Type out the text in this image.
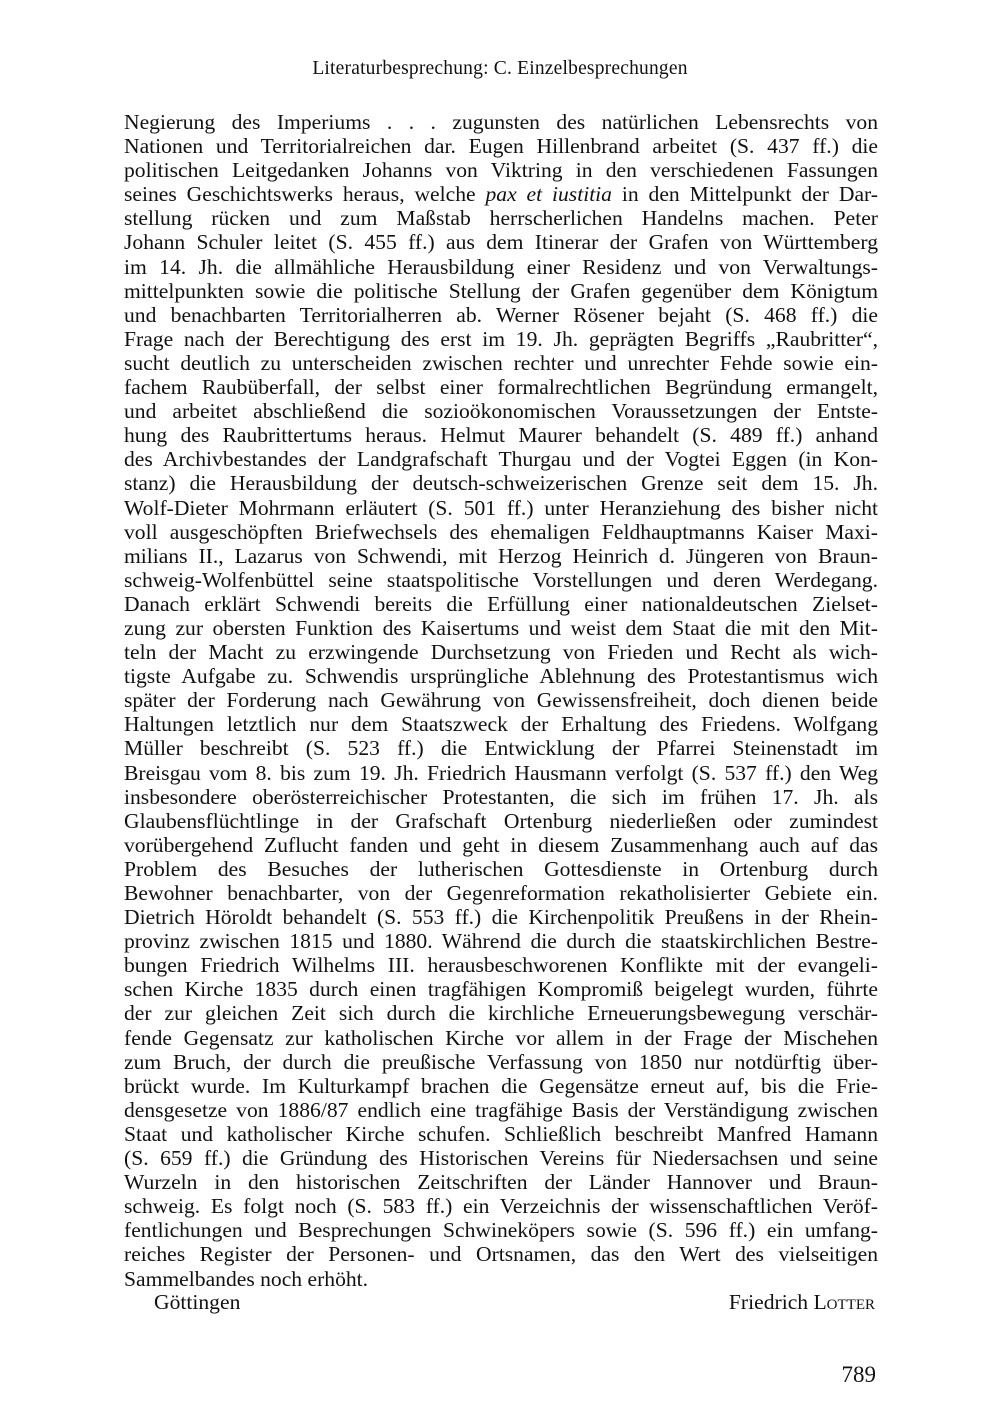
Literaturbesprechung: C. Einzelbesprechungen
Negierung des Imperiums . . . zugunsten des natürlichen Lebensrechts von
Nationen und Territorialreichen dar. Eugen Hillenbrand arbeitet (S. 437 ff.) die
politischen Leitgedanken Johanns von Viktring in den verschiedenen Fassungen
seines Geschichtswerks heraus, welche pax et iustitia in den Mittelpunkt der Dar-
stellung rücken und zum Maßstab herrscherlichen Handelns machen. Peter
Johann Schuler leitet (S. 455 ff.) aus dem Itinerar der Grafen von Württemberg
im 14. Jh. die allmähliche Herausbildung einer Residenz und von Verwaltungs-
mittelpunkten sowie die politische Stellung der Grafen gegenüber dem Königtum
und benachbarten Territorialherren ab. Werner Rösener bejaht (S. 468 ff.) die
Frage nach der Berechtigung des erst im 19. Jh. geprägten Begriffs „Raubritter“,
sucht deutlich zu unterscheiden zwischen rechter und unrechter Fehde sowie ein-
fachem Raubüberfall, der selbst einer formalrechtlichen Begründung ermangelt,
und arbeitet abschließend die sozioökonomischen Voraussetzungen der Entste-
hung des Raubrittertums heraus. Helmut Maurer behandelt (S. 489 ff.) anhand
des Archivbestandes der Landgrafschaft Thurgau und der Vogtei Eggen (in Kon-
stanz) die Herausbildung der deutsch-schweizerischen Grenze seit dem 15. Jh.
Wolf-Dieter Mohrmann erläutert (S. 501 ff.) unter Heranziehung des bisher nicht
voll ausgeschöpften Briefwechsels des ehemaligen Feldhauptmanns Kaiser Maxi-
milians II., Lazarus von Schwendi, mit Herzog Heinrich d. Jüngeren von Braun-
schweig-Wolfenbüttel seine staatspolitische Vorstellungen und deren Werdegang.
Danach erklärt Schwendi bereits die Erfüllung einer nationaldeutschen Zielset-
zung zur obersten Funktion des Kaisertums und weist dem Staat die mit den Mit-
teln der Macht zu erzwingende Durchsetzung von Frieden und Recht als wich-
tigste Aufgabe zu. Schwendis ursprüngliche Ablehnung des Protestantismus wich
später der Forderung nach Gewährung von Gewissensfreiheit, doch dienen beide
Haltungen letztlich nur dem Staatszweck der Erhaltung des Friedens. Wolfgang
Müller beschreibt (S. 523 ff.) die Entwicklung der Pfarrei Steinenstadt im
Breisgau vom 8. bis zum 19. Jh. Friedrich Hausmann verfolgt (S. 537 ff.) den Weg
insbesondere oberösterreichischer Protestanten, die sich im frühen 17. Jh. als
Glaubensflüchtlinge in der Grafschaft Ortenburg niederließen oder zumindest
vorübergehend Zuflucht fanden und geht in diesem Zusammenhang auch auf das
Problem des Besuches der lutherischen Gottesdienste in Ortenburg durch
Bewohner benachbarter, von der Gegenreformation rekatholisierter Gebiete ein.
Dietrich Höroldt behandelt (S. 553 ff.) die Kirchenpolitik Preußens in der Rhein-
provinz zwischen 1815 und 1880. Während die durch die staatskirchlichen Bestre-
bungen Friedrich Wilhelms III. herausbeschworenen Konflikte mit der evangeli-
schen Kirche 1835 durch einen tragfähigen Kompromiß beigelegt wurden, führte
der zur gleichen Zeit sich durch die kirchliche Erneuerungsbewegung verschär-
fende Gegensatz zur katholischen Kirche vor allem in der Frage der Mischehen
zum Bruch, der durch die preußische Verfassung von 1850 nur notdürftig über-
brückt wurde. Im Kulturkampf brachen die Gegensätze erneut auf, bis die Frie-
densgesetze von 1886/87 endlich eine tragfähige Basis der Verständigung zwischen
Staat und katholischer Kirche schufen. Schließlich beschreibt Manfred Hamann
(S. 659 ff.) die Gründung des Historischen Vereins für Niedersachsen und seine
Wurzeln in den historischen Zeitschriften der Länder Hannover und Braun-
schweig. Es folgt noch (S. 583 ff.) ein Verzeichnis der wissenschaftlichen Veröf-
fentlichungen und Besprechungen Schwineköpers sowie (S. 596 ff.) ein umfang-
reiches Register der Personen- und Ortsnamen, das den Wert des vielseitigen
Sammelbandes noch erhöht.
Göttingen	Friedrich Lotter
789
